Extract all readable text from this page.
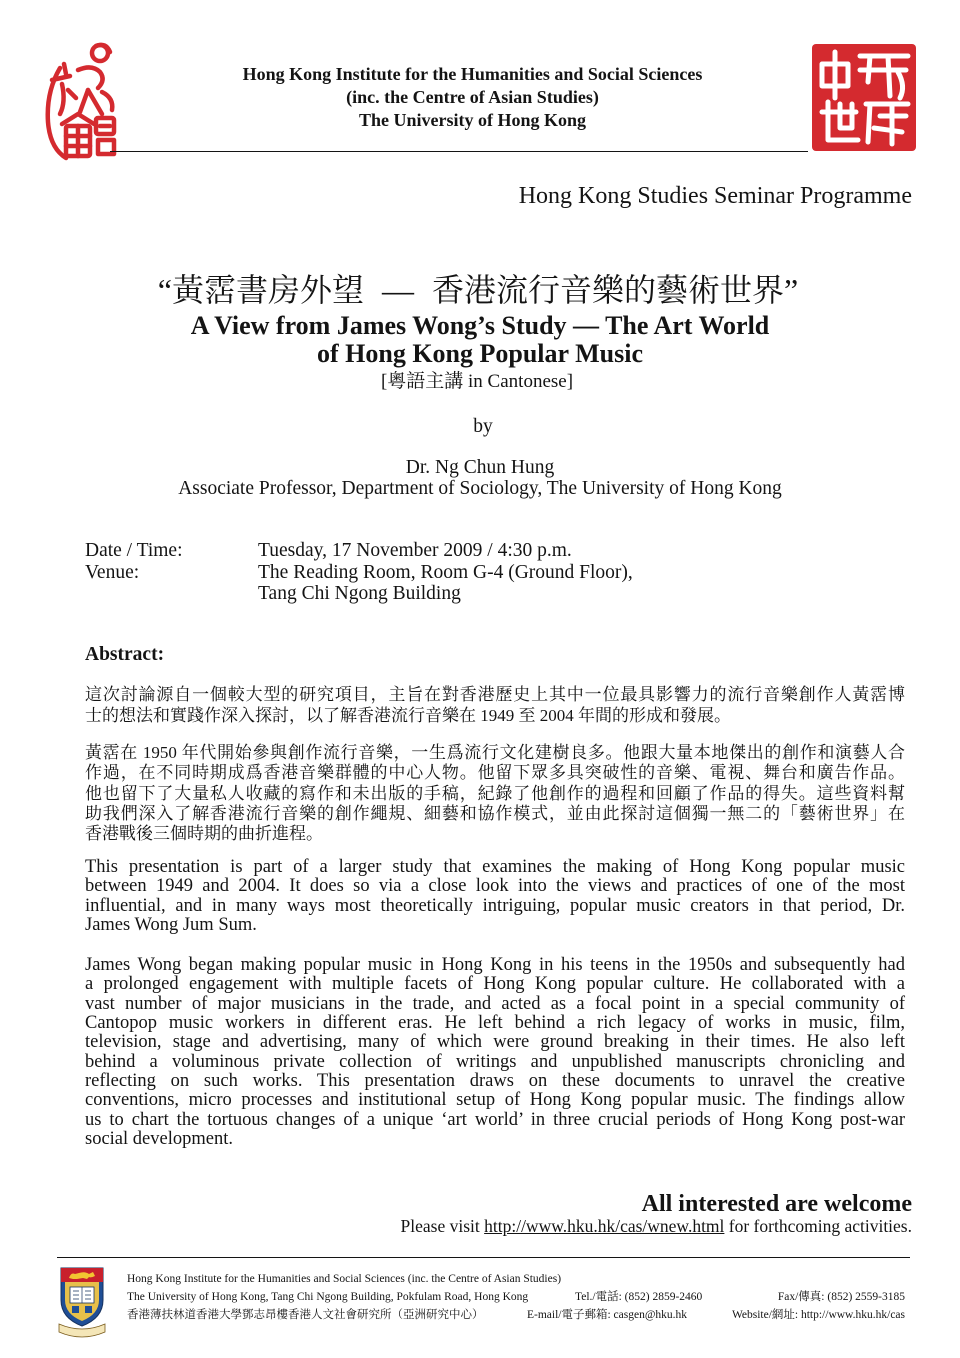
Hong Kong Institute for the Humanities and Social Sciences
(inc. the Centre of Asian Studies)
The University of Hong Kong
Hong Kong Studies Seminar Programme
“黃霑書房外望 — 香港流行音樂的藝術世界”
A View from James Wong’s Study — The Art World
of Hong Kong Popular Music
[粵語主講 in Cantonese]
by
Dr. Ng Chun Hung
Associate Professor, Department of Sociology, The University of Hong Kong
Date / Time:	Tuesday, 17 November 2009 / 4:30 p.m.
Venue:	The Reading Room, Room G-4 (Ground Floor),
Tang Chi Ngong Building
Abstract:
這次討論源自一個較大型的研究項目，主旨在對香港歷史上其中一位最具影響力的流行音樂創作人黃霑博
士的想法和實踐作深入探討，以了解香港流行音樂在 1949 至 2004 年間的形成和發展。
黃霑在 1950 年代開始參與創作流行音樂，一生爲流行文化建樹良多。他跟大量本地傑出的創作和演藝人合
作過，在不同時期成爲香港音樂群體的中心人物。他留下眾多具突破性的音樂、電視、舞台和廣告作品。
他也留下了大量私人收藏的寫作和未出版的手稿，紀錄了他創作的過程和回顧了作品的得失。這些資料幫
助我們深入了解香港流行音樂的創作繩規、細藝和協作模式，並由此探討這個獨一無二的「藝術世界」在
香港戰後三個時期的曲折進程。
This presentation is part of a larger study that examines the making of Hong Kong popular music
between 1949 and 2004. It does so via a close look into the views and practices of one of the most
influential, and in many ways most theoretically intriguing, popular music creators in that period, Dr.
James Wong Jum Sum.
James Wong began making popular music in Hong Kong in his teens in the 1950s and subsequently had
a prolonged engagement with multiple facets of Hong Kong popular culture. He collaborated with a
vast number of major musicians in the trade, and acted as a focal point in a special community of
Cantopop music workers in different eras. He left behind a rich legacy of works in music, film,
television, stage and advertising, many of which were ground breaking in their times. He also left
behind a voluminous private collection of writings and unpublished manuscripts chronicling and
reflecting on such works. This presentation draws on these documents to unravel the creative
conventions, micro processes and institutional setup of Hong Kong popular music. The findings allow
us to chart the tortuous changes of a unique ‘art world’ in three crucial periods of Hong Kong post-war
social development.
All interested are welcome
Please visit http://www.hku.hk/cas/wnew.html for forthcoming activities.
Hong Kong Institute for the Humanities and Social Sciences (inc. the Centre of Asian Studies)
The University of Hong Kong, Tang Chi Ngong Building, Pokfulam Road, Hong Kong	Tel./電話: (852) 2859-2460	Fax/傳真: (852) 2559-3185
香港薄扶林道香港大學鄧志昂樓香港人文社會研究所（亞洲研究中心）	E-mail/電子郵箱: casgen@hku.hk	Website/網址: http://www.hku.hk/cas
